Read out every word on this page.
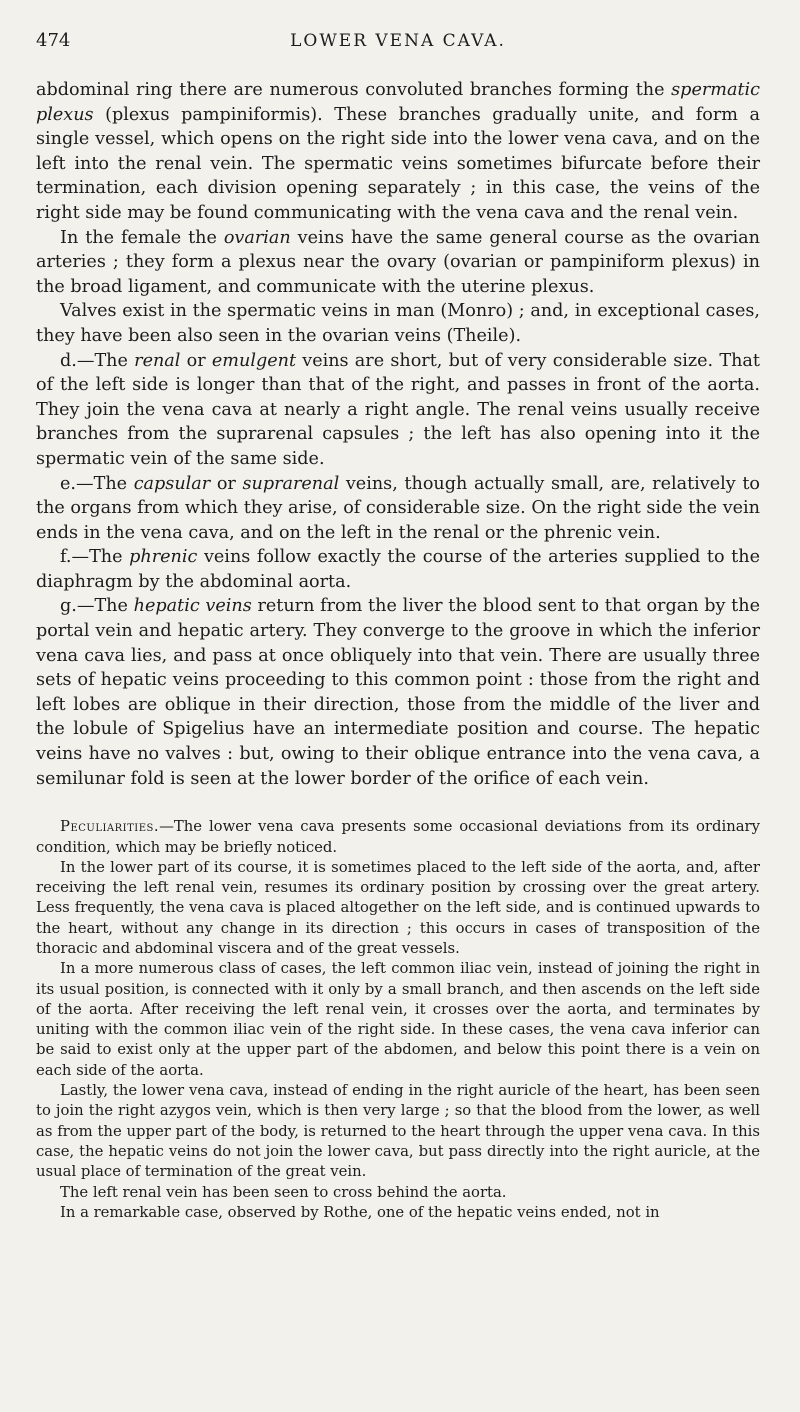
474	LOWER VENA CAVA.

abdominal ring there are numerous convoluted branches forming the spermatic plexus (plexus pampiniformis). These branches gradually unite, and form a single vessel, which opens on the right side into the lower vena cava, and on the left into the renal vein. The spermatic veins sometimes bifurcate before their termination, each division opening separately ; in this case, the veins of the right side may be found communicating with the vena cava and the renal vein.

In the female the ovarian veins have the same general course as the ovarian arteries ; they form a plexus near the ovary (ovarian or pampiniform plexus) in the broad ligament, and communicate with the uterine plexus.

Valves exist in the spermatic veins in man (Monro) ; and, in exceptional cases, they have been also seen in the ovarian veins (Theile).

d.—The renal or emulgent veins are short, but of very considerable size. That of the left side is longer than that of the right, and passes in front of the aorta. They join the vena cava at nearly a right angle. The renal veins usually receive branches from the suprarenal capsules ; the left has also opening into it the spermatic vein of the same side.

e.—The capsular or suprarenal veins, though actually small, are, relatively to the organs from which they arise, of considerable size. On the right side the vein ends in the vena cava, and on the left in the renal or the phrenic vein.

f.—The phrenic veins follow exactly the course of the arteries supplied to the diaphragm by the abdominal aorta.

g.—The hepatic veins return from the liver the blood sent to that organ by the portal vein and hepatic artery. They converge to the groove in which the inferior vena cava lies, and pass at once obliquely into that vein. There are usually three sets of hepatic veins proceeding to this common point : those from the right and left lobes are oblique in their direction, those from the middle of the liver and the lobule of Spigelius have an intermediate position and course. The hepatic veins have no valves : but, owing to their oblique entrance into the vena cava, a semilunar fold is seen at the lower border of the orifice of each vein.

Peculiarities.—The lower vena cava presents some occasional deviations from its ordinary condition, which may be briefly noticed.

In the lower part of its course, it is sometimes placed to the left side of the aorta, and, after receiving the left renal vein, resumes its ordinary position by crossing over the great artery. Less frequently, the vena cava is placed altogether on the left side, and is continued upwards to the heart, without any change in its direction ; this occurs in cases of transposition of the thoracic and abdominal viscera and of the great vessels.

In a more numerous class of cases, the left common iliac vein, instead of joining the right in its usual position, is connected with it only by a small branch, and then ascends on the left side of the aorta. After receiving the left renal vein, it crosses over the aorta, and terminates by uniting with the common iliac vein of the right side. In these cases, the vena cava inferior can be said to exist only at the upper part of the abdomen, and below this point there is a vein on each side of the aorta.

Lastly, the lower vena cava, instead of ending in the right auricle of the heart, has been seen to join the right azygos vein, which is then very large ; so that the blood from the lower, as well as from the upper part of the body, is returned to the heart through the upper vena cava. In this case, the hepatic veins do not join the lower cava, but pass directly into the right auricle, at the usual place of termination of the great vein.

The left renal vein has been seen to cross behind the aorta.

In a remarkable case, observed by Rothe, one of the hepatic veins ended, not in
